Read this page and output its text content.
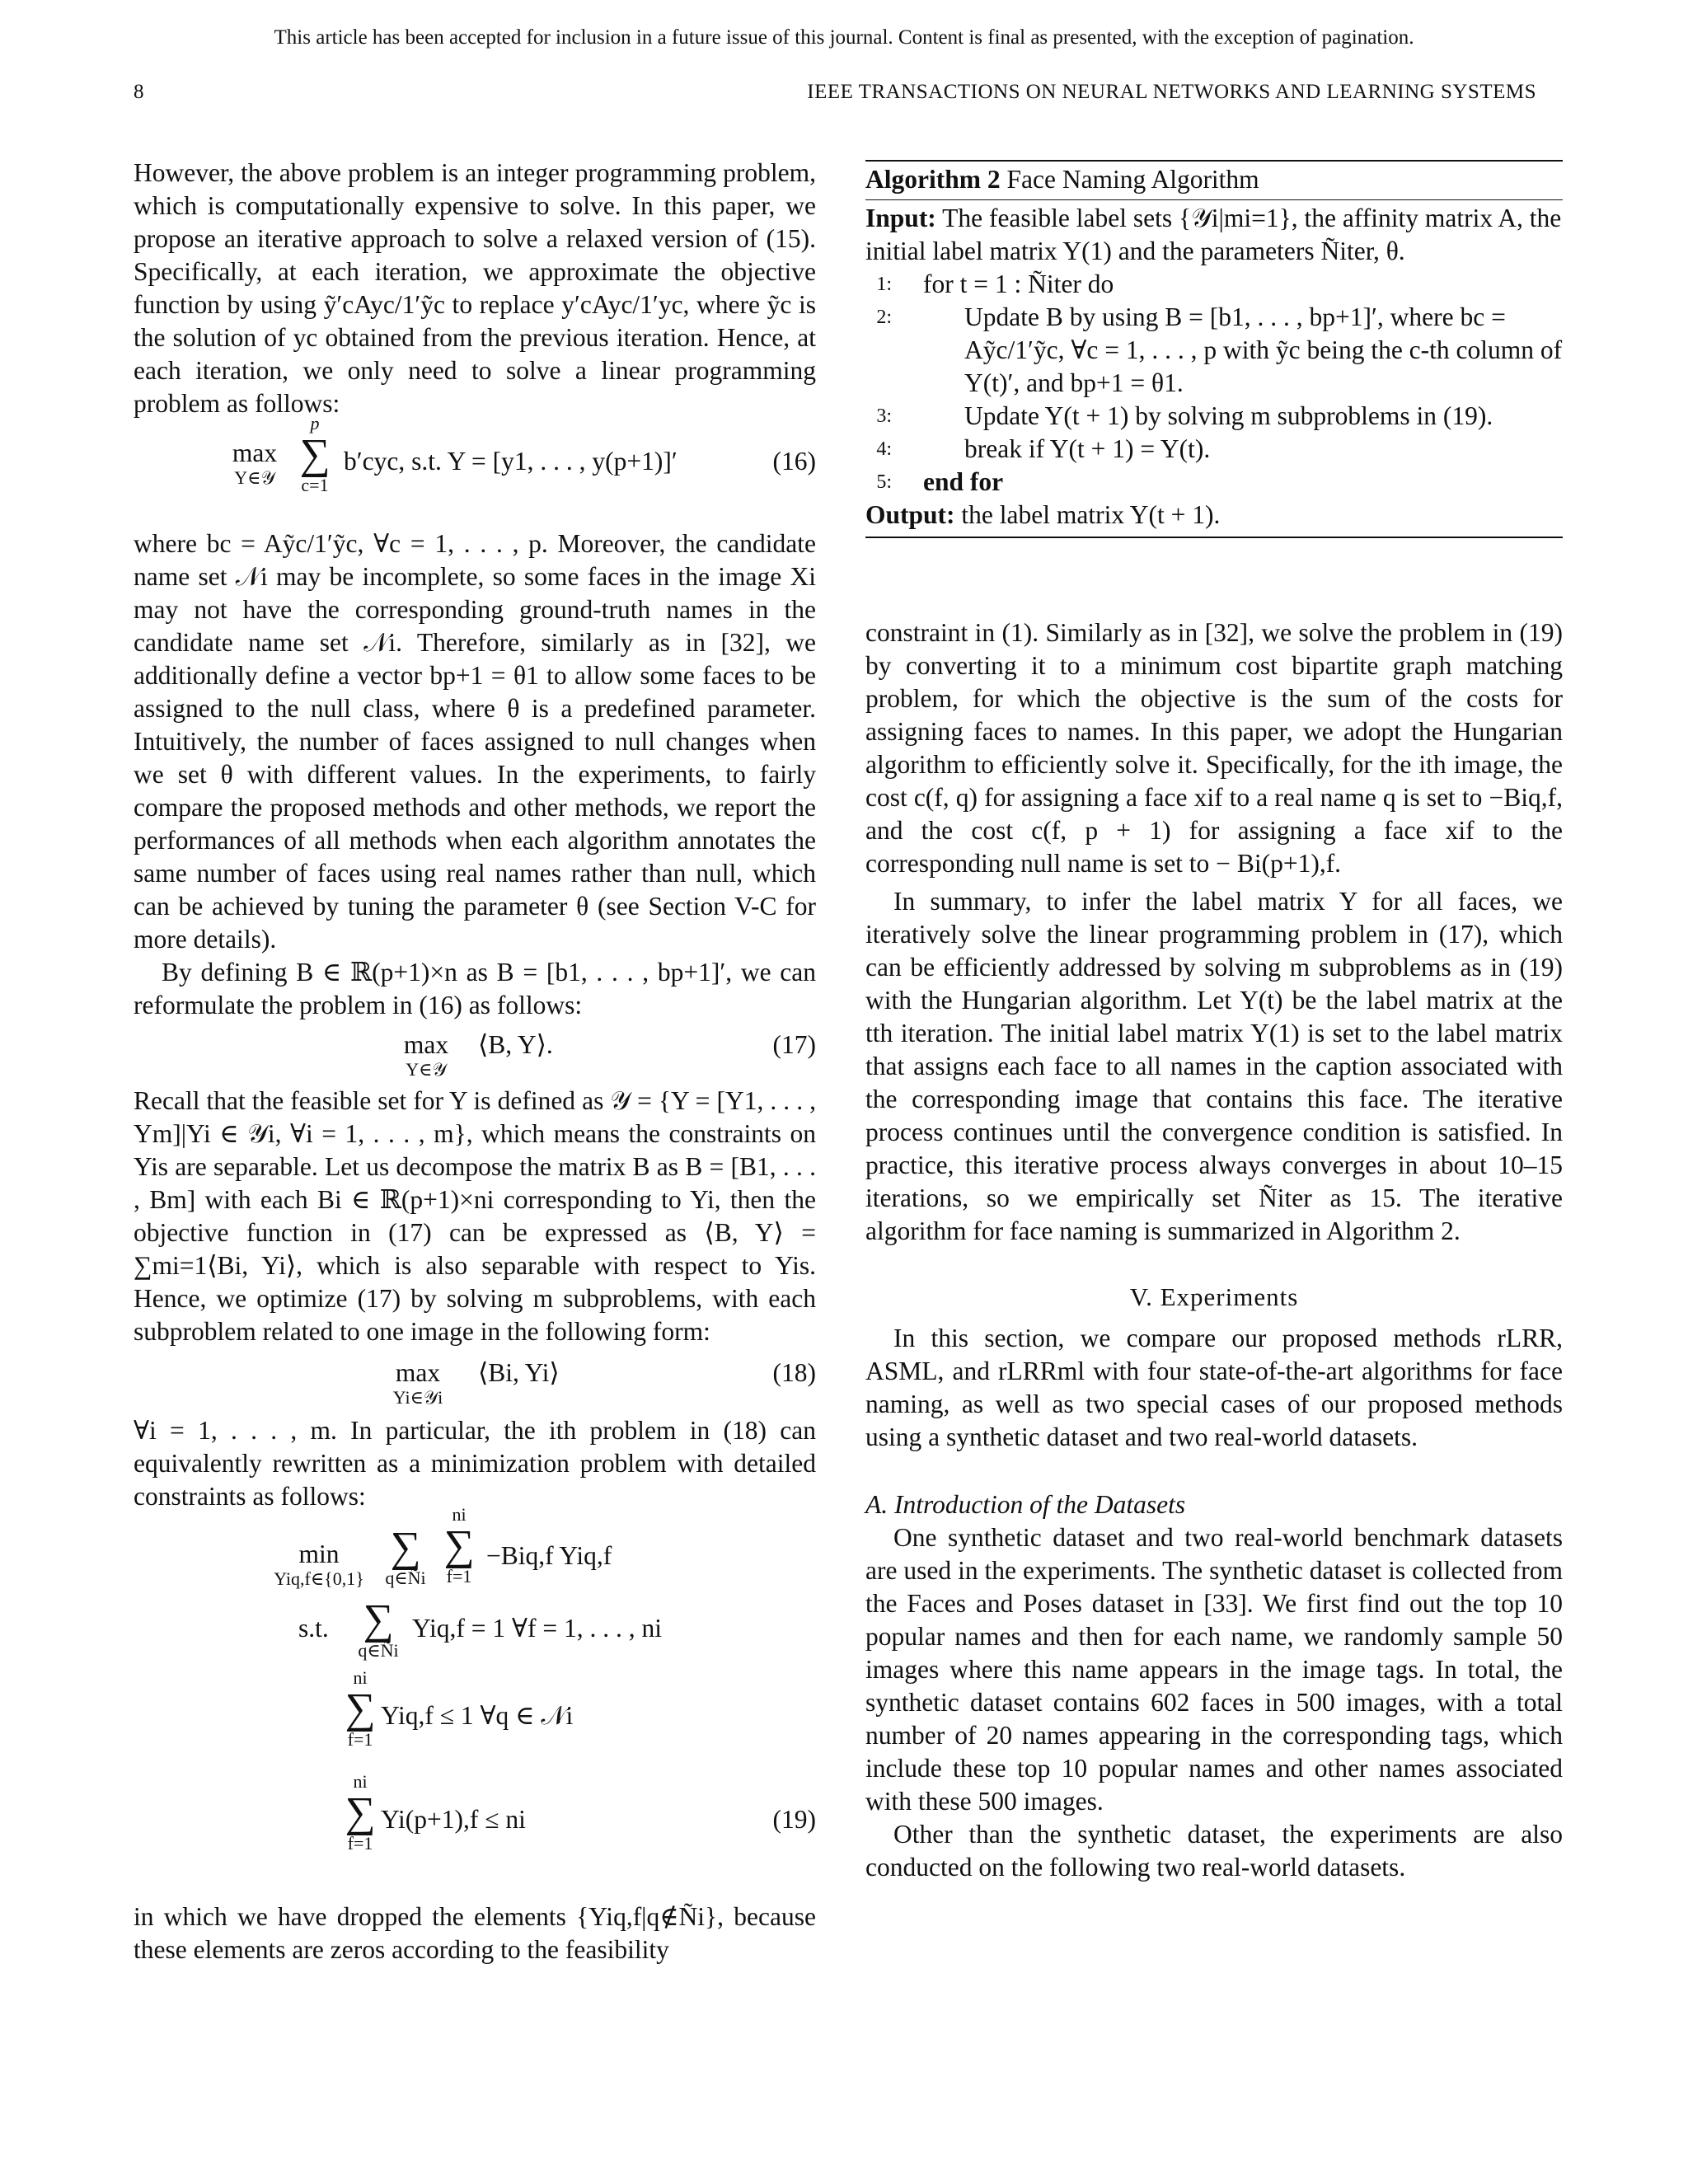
This article has been accepted for inclusion in a future issue of this journal. Content is final as presented, with the exception of pagination.
8	IEEE TRANSACTIONS ON NEURAL NETWORKS AND LEARNING SYSTEMS

However, the above problem is an integer programming problem, which is computationally expensive to solve. In this paper, we propose an iterative approach to solve a relaxed version of (15). Specifically, at each iteration, we approximate the objective function by using ỹ′cAyc/1′ỹc to replace y′cAyc/1′yc, where ỹc is the solution of yc obtained from the previous iteration. Hence, at each iteration, we only need to solve a linear programming problem as follows:

max

Y∈𝒴
p
∑
c=1
b′cyc, s.t. Y = [y1, . . . , y(p+1)]′	(16)

where bc = Aỹc/1′ỹc, ∀c = 1, . . . , p. Moreover, the candidate name set 𝒩i may be incomplete, so some faces in the image Xi may not have the corresponding ground-truth names in the candidate name set 𝒩i. Therefore, similarly as in [32], we additionally define a vector bp+1 = θ1 to allow some faces to be assigned to the null class, where θ is a predefined parameter. Intuitively, the number of faces assigned to null changes when we set θ with different values. In the experiments, to fairly compare the proposed methods and other methods, we report the performances of all methods when each algorithm annotates the same number of faces using real names rather than null, which can be achieved by tuning the parameter θ (see Section V-C for more details).

By defining B ∈ ℝ(p+1)×n as B = [b1, . . . , bp+1]′, we can reformulate the problem in (16) as follows:

max
Y∈𝒴
⟨B, Y⟩.	(17)

Recall that the feasible set for Y is defined as 𝒴 = {Y = [Y1, . . . , Ym]|Yi ∈ 𝒴i, ∀i = 1, . . . , m}, which means the constraints on Yis are separable. Let us decompose the matrix B as B = [B1, . . . , Bm] with each Bi ∈ ℝ(p+1)×ni corresponding to Yi, then the objective function in (17) can be expressed as ⟨B, Y⟩ = ∑mi=1⟨Bi, Yi⟩, which is also separable with respect to Yis. Hence, we optimize (17) by solving m subproblems, with each subproblem related to one image in the following form:

max
Yi∈𝒴i
⟨Bi, Yi⟩	(18)

∀i = 1, . . . , m. In particular, the ith problem in (18) can equivalently rewritten as a minimization problem with detailed constraints as follows:

min
Yiq,f∈{0,1}
∑
q∈Ñi
ni
∑
f=1
−Biq,f Yiq,f
s.t. ∑
q∈Ñi
Yiq,f = 1 ∀f = 1, . . . , ni
ni
∑
f=1
Yiq,f ≤ 1 ∀q ∈ 𝒩i
ni
∑
f=1
Yi(p+1),f ≤ ni	(19)

in which we have dropped the elements {Yiq,f|q∉Ñi}, because these elements are zeros according to the feasibility

Algorithm 2 Face Naming Algorithm
Input: The feasible label sets {𝒴i|mi=1}, the affinity matrix A, the initial label matrix Y(1) and the parameters Ñiter, θ.
1: for t = 1 : Ñiter do
2:	Update B by using B = [b1, . . . , bp+1]′, where bc = Aỹc/1′ỹc, ∀c = 1, . . . , p with ỹc being the c-th column of Y(t)′, and bp+1 = θ1.
3:	Update Y(t + 1) by solving m subproblems in (19).
4:	break if Y(t + 1) = Y(t).
5: end for
Output: the label matrix Y(t + 1).

constraint in (1). Similarly as in [32], we solve the problem in (19) by converting it to a minimum cost bipartite graph matching problem, for which the objective is the sum of the costs for assigning faces to names. In this paper, we adopt the Hungarian algorithm to efficiently solve it. Specifically, for the ith image, the cost c(f, q) for assigning a face xif to a real name q is set to −Biq,f, and the cost c(f, p + 1) for assigning a face xif to the corresponding null name is set to − Bi(p+1),f.

In summary, to infer the label matrix Y for all faces, we iteratively solve the linear programming problem in (17), which can be efficiently addressed by solving m subproblems as in (19) with the Hungarian algorithm. Let Y(t) be the label matrix at the tth iteration. The initial label matrix Y(1) is set to the label matrix that assigns each face to all names in the caption associated with the corresponding image that contains this face. The iterative process continues until the convergence condition is satisfied. In practice, this iterative process always converges in about 10–15 iterations, so we empirically set Ñiter as 15. The iterative algorithm for face naming is summarized in Algorithm 2.

V. Experiments

In this section, we compare our proposed methods rLRR, ASML, and rLRRml with four state-of-the-art algorithms for face naming, as well as two special cases of our proposed methods using a synthetic dataset and two real-world datasets.

A. Introduction of the Datasets

One synthetic dataset and two real-world benchmark datasets are used in the experiments. The synthetic dataset is collected from the Faces and Poses dataset in [33]. We first find out the top 10 popular names and then for each name, we randomly sample 50 images where this name appears in the image tags. In total, the synthetic dataset contains 602 faces in 500 images, with a total number of 20 names appearing in the corresponding tags, which include these top 10 popular names and other names associated with these 500 images.

Other than the synthetic dataset, the experiments are also conducted on the following two real-world datasets.
